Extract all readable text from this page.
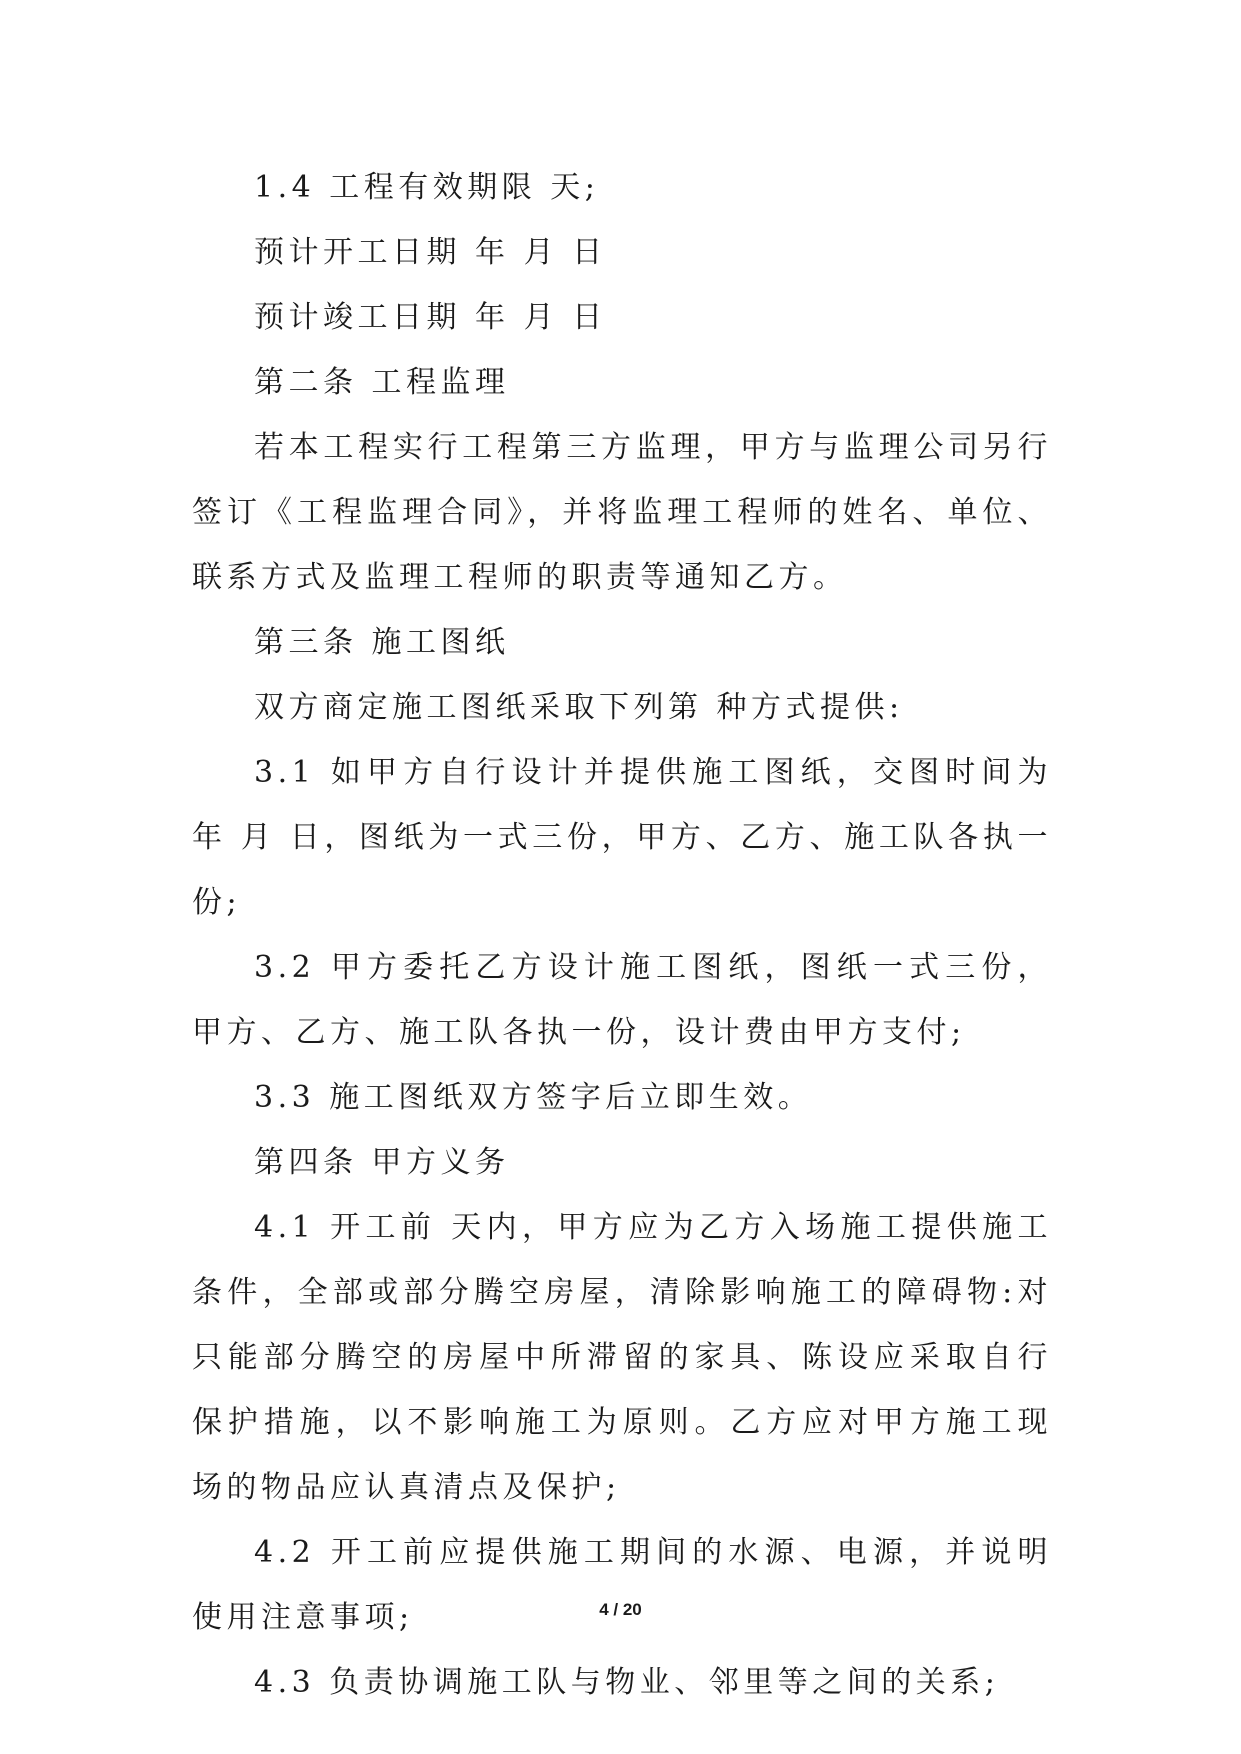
1.4 工程有效期限 天;

预计开工日期 年 月 日

预计竣工日期 年 月 日

第二条 工程监理

若本工程实行工程第三方监理，甲方与监理公司另行签订《工程监理合同》，并将监理工程师的姓名、单位、联系方式及监理工程师的职责等通知乙方。

第三条 施工图纸

双方商定施工图纸采取下列第 种方式提供:

3.1 如甲方自行设计并提供施工图纸，交图时间为 年 月 日，图纸为一式三份，甲方、乙方、施工队各执一份;

3.2 甲方委托乙方设计施工图纸，图纸一式三份，甲方、乙方、施工队各执一份，设计费由甲方支付;

3.3 施工图纸双方签字后立即生效。

第四条 甲方义务

4.1 开工前 天内，甲方应为乙方入场施工提供施工条件，全部或部分腾空房屋，清除影响施工的障碍物:对只能部分腾空的房屋中所滞留的家具、陈设应采取自行保护措施，以不影响施工为原则。乙方应对甲方施工现场的物品应认真清点及保护;

4.2 开工前应提供施工期间的水源、电源，并说明使用注意事项;

4.3 负责协调施工队与物业、邻里等之间的关系;

4 / 20
